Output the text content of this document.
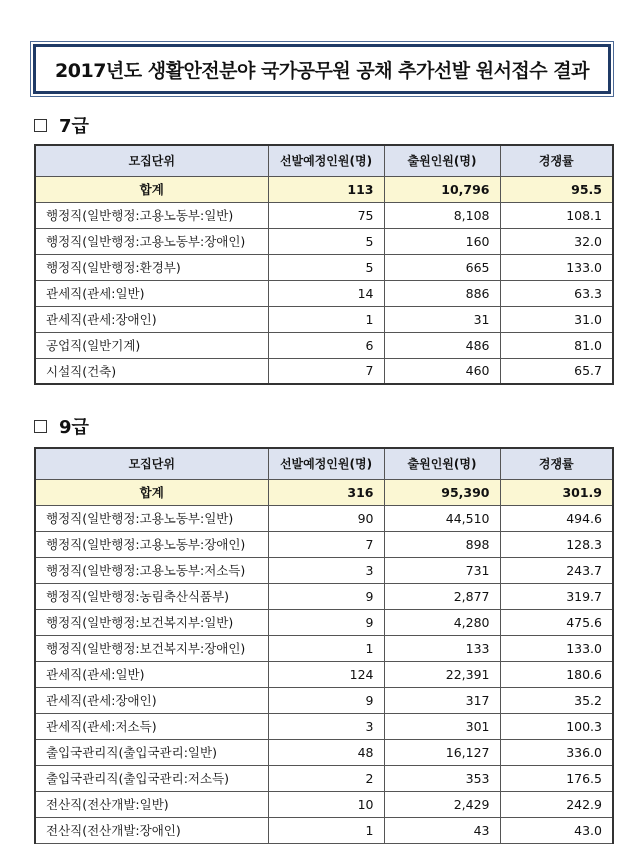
2017년도 생활안전분야 국가공무원 공채 추가선발 원서접수 결과
7급
모집단위	선발예정인원(명)	출원인원(명)	경쟁률
합계	113	10,796	95.5
행정직(일반행정:고용노동부:일반)	75	8,108	108.1
행정직(일반행정:고용노동부:장애인)	5	160	32.0
행정직(일반행정:환경부)	5	665	133.0
관세직(관세:일반)	14	886	63.3
관세직(관세:장애인)	1	31	31.0
공업직(일반기계)	6	486	81.0
시설직(건축)	7	460	65.7
9급
모집단위	선발예정인원(명)	출원인원(명)	경쟁률
합계	316	95,390	301.9
행정직(일반행정:고용노동부:일반)	90	44,510	494.6
행정직(일반행정:고용노동부:장애인)	7	898	128.3
행정직(일반행정:고용노동부:저소득)	3	731	243.7
행정직(일반행정:농림축산식품부)	9	2,877	319.7
행정직(일반행정:보건복지부:일반)	9	4,280	475.6
행정직(일반행정:보건복지부:장애인)	1	133	133.0
관세직(관세:일반)	124	22,391	180.6
관세직(관세:장애인)	9	317	35.2
관세직(관세:저소득)	3	301	100.3
출입국관리직(출입국관리:일반)	48	16,127	336.0
출입국관리직(출입국관리:저소득)	2	353	176.5
전산직(전산개발:일반)	10	2,429	242.9
전산직(전산개발:장애인)	1	43	43.0
